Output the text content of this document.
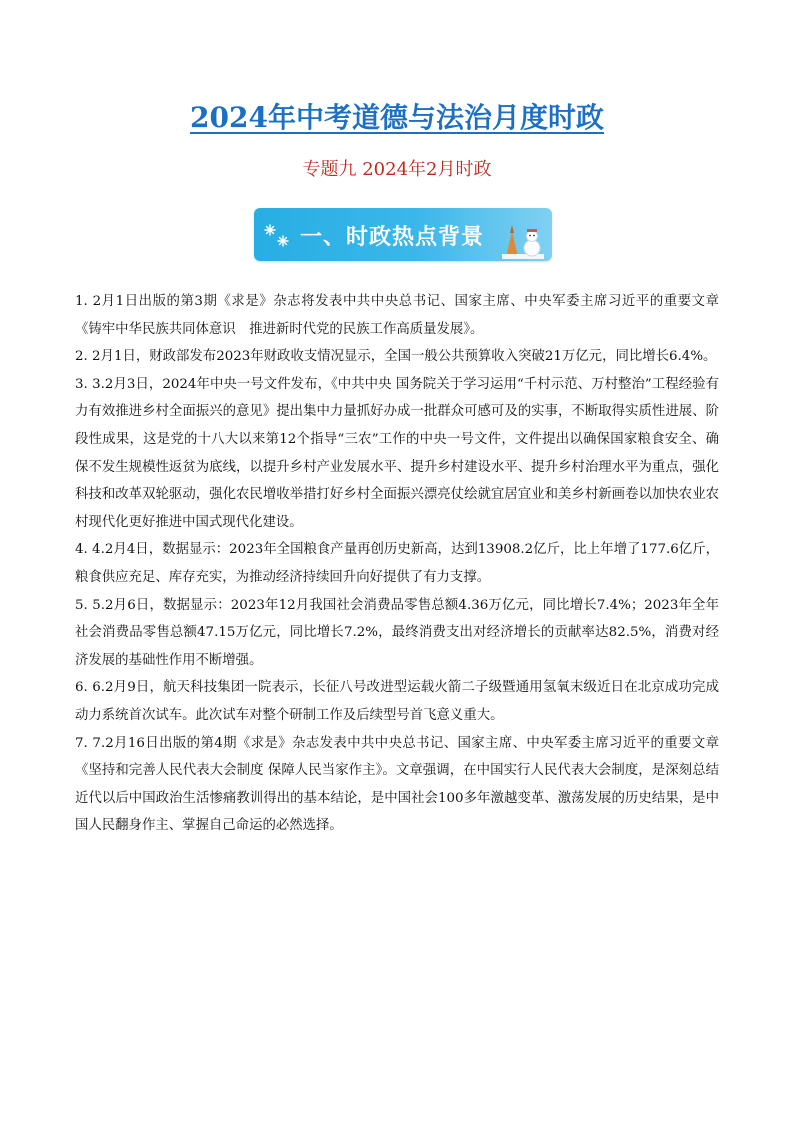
2024年中考道德与法治月度时政

专题九 2024年2月时政

一、时政热点背景

1. 2月1日出版的第3期《求是》杂志将发表中共中央总书记、国家主席、中央军委主席习近平的重要文章《铸牢中华民族共同体意识　推进新时代党的民族工作高质量发展》。

2. 2月1日，财政部发布2023年财政收支情况显示，全国一般公共预算收入突破21万亿元，同比增长6.4%。

3. 3.2月3日，2024年中央一号文件发布，《中共中央 国务院关于学习运用“千村示范、万村整治”工程经验有力有效推进乡村全面振兴的意见》提出集中力量抓好办成一批群众可感可及的实事，不断取得实质性进展、阶段性成果，这是党的十八大以来第12个指导“三农”工作的中央一号文件，文件提出以确保国家粮食安全、确保不发生规模性返贫为底线，以提升乡村产业发展水平、提升乡村建设水平、提升乡村治理水平为重点，强化科技和改革双轮驱动，强化农民增收举措打好乡村全面振兴漂亮仗绘就宜居宜业和美乡村新画卷以加快农业农村现代化更好推进中国式现代化建设。

4. 4.2月4日，数据显示：2023年全国粮食产量再创历史新高，达到13908.2亿斤，比上年增了177.6亿斤，粮食供应充足、库存充实，为推动经济持续回升向好提供了有力支撑。

5. 5.2月6日，数据显示：2023年12月我国社会消费品零售总额4.36万亿元，同比增长7.4%；2023年全年社会消费品零售总额47.15万亿元，同比增长7.2%，最终消费支出对经济增长的贡献率达82.5%，消费对经济发展的基础性作用不断增强。

6. 6.2月9日，航天科技集团一院表示，长征八号改进型运载火箭二子级暨通用氢氧末级近日在北京成功完成动力系统首次试车。此次试车对整个研制工作及后续型号首飞意义重大。

7. 7.2月16日出版的第4期《求是》杂志发表中共中央总书记、国家主席、中央军委主席习近平的重要文章《坚持和完善人民代表大会制度 保障人民当家作主》。文章强调，在中国实行人民代表大会制度，是深刻总结近代以后中国政治生活惨痛教训得出的基本结论，是中国社会100多年激越变革、激荡发展的历史结果，是中国人民翻身作主、掌握自己命运的必然选择。
